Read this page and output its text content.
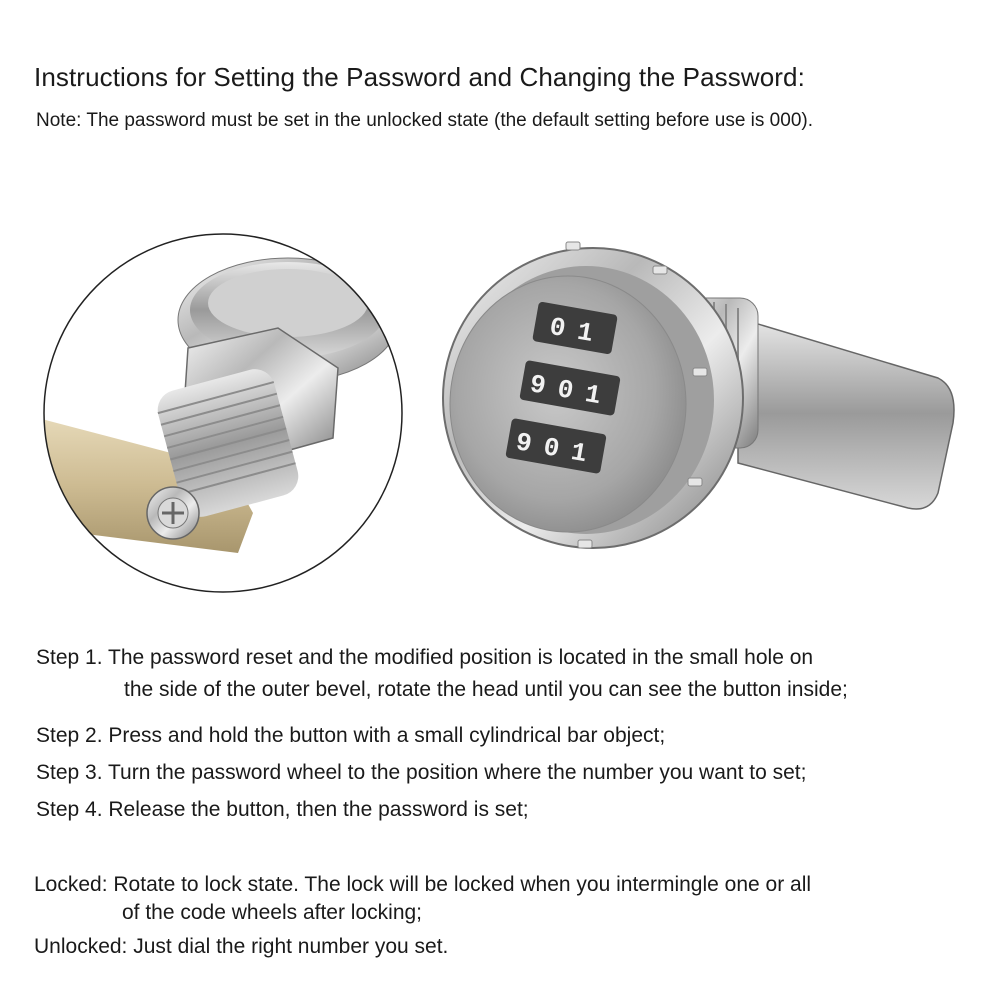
Instructions for Setting the Password and Changing the Password:
Note: The password must be set in the unlocked state (the default setting before use is 000).
0 1
9 0 1
9 0 1
Step 1. The password reset and the modified position is located in the small hole on
the side of the outer bevel, rotate the head until you can see the button inside;
Step 2. Press and hold the button with a small cylindrical bar object;
Step 3. Turn the password wheel to the position where the number you want to set;
Step 4. Release the button, then the password is set;
Locked: Rotate to lock state. The lock will be locked when you intermingle one or all
of the code wheels after locking;
Unlocked: Just dial the right number you set.
